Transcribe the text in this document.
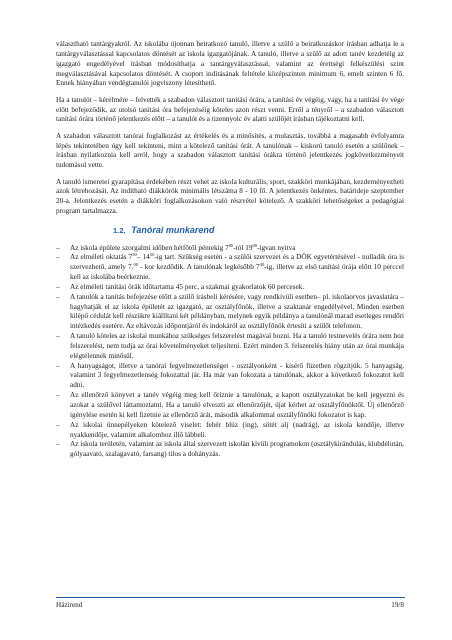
választható tantárgyakról. Az iskolába újonnan beiratkozó tanuló, illetve a szülő a beiratkozáskor írásban adhatja le a tantárgyválasztással kapcsolatos döntését az iskola igazgatójának. A tanuló, illetve a szülő az adott tanév kezdetéig az igazgató engedélyével írásban módosíthatja a tantárgyválasztással, valamint az érettségi felkészülési szint megválasztásával kapcsolatos döntését. A csoport indításának feltétele középszinten minimum 6, emelt szinten 6 fő. Ennek hiányában vendégtanulói jogviszony létesíthető.

Ha a tanulót – kérelmére – felvették a szabadon választott tanítási órára, a tanítási év végéig, vagy, ha a tanítási év vége előtt befejeződik, az utolsó tanítási óra befejezéséig köteles azon részt venni. Erről a tényről – a szabadon választott tanítási órára történő jelentkezés előtt – a tanulót és a tizennyolc év alatti szülőjét írásban tájékoztatni kell.

A szabadon választott tanórai foglalkozást az értékelés és a minősítés, a mulasztás, továbbá a magasabb évfolyamra lépés tekintetében úgy kell tekinteni, mint a kötelező tanítási órát. A tanulónak – kiskorú tanuló esetén a szülőnek – írásban nyilatkoznia kell arról, hogy a szabadon választott tanítási órákra történő jelentkezés jogkövetkezményeit tudomásul vette.

A tanuló ismeretei gyarapítása érdekében részt vehet az iskola kulturális, sport, szakköri munkájában, kezdeményezheti azok létrehozását. Az indítható diákkörök minimális létszáma 8 - 10 fő. A jelentkezés önkéntes, határideje szeptember 20-a. Jelentkezés esetén a diákköri foglalkozásokon való részvétel kötelező. A szakköri lehetőségeket a pedagógiai program tartalmazza.

1.2. Tanórai munkarend
– Az iskola épülete szorgalmi időben hétfőtől péntekig $7^{00}$-tól $19^{00}$-igvan nyitva
– Az elméleti oktatás $7^{50}-$ $14^{50}-ig$ tart. Szükség esetén - a szülői szervezet és a DÖK egyetértésével - nulladik óra is szervezhető, amely 7.00 - kor kezdődik. A tanulónak legkésőbb $7^{40}-ig$, illetve az első tanítási órája előtt 10 perccel kell az iskolába beérkeznie.
– Az elméleti tanítási órák időtartama 45 perc, a szakmai gyakorlatok 60 percesek.
– A tanulók a tanítás befejezése előtt a szülő írásbeli kérésére, vagy rendkívüli esetben– pl. iskolaorvos javaslatára – hagyhatják el az iskola épületét az igazgató, az osztályfőnök, illetve a szaktanár engedélyével. Minden esetben kilépő cédulát kell részükre kiállítani két példányban, melynek egyik példánya a tanulónál marad esetleges rendőri intézkedés esetére. Az eltávozás időpontjáról és indokáról az osztályfőnök értesíti a szülőt telefonon.
– A tanuló köteles az iskolai munkához szükséges felszerelést magával hozni. Ha a tanuló testnevelés órára nem hoz felszerelést, nem tudja az órai követelményeket teljesíteni. Ezért minden 3. felszerelés hiány után az órai munkája elégtelennek minősül.
– A hanyagságot, illetve a tanórai fegyelmezetlenséget - osztályonként - kísérő füzetben rögzítjük. 5 hanyagság, valamint 3 fegyelmezetlenség fokozattal jár. Ha már van fokozata a tanulónak, akkor a következő fokozatot kell adni.
– Az ellenőrző könyvet a tanév végéig meg kell őriznie a tanulónak, a kapott osztályzatokat be kell jegyezni és azokat a szülővel láttamoztatni. Ha a tanuló elveszti az ellenőrzőjét, újat kérhet az osztályfőnöktől. Új ellenőrző igénylése esetén ki kell fizetnie az ellenőrző árát, második alkalommal osztályfőnöki fokozatot is kap.
– Az iskolai ünnepélyeken kötelező viselet: fehér blúz (ing), sötét alj (nadrág), az iskola kendője, illetve nyakkendője, valamint alkalomhoz illő lábbeli.
– Az iskola területén, valamint az iskola által szervezett iskolán kívüli programokon (osztálykirándulás, klubdélután, gólyaavató, szalagavató, farsang) tilos a dohányzás.
Házirend	19/8
